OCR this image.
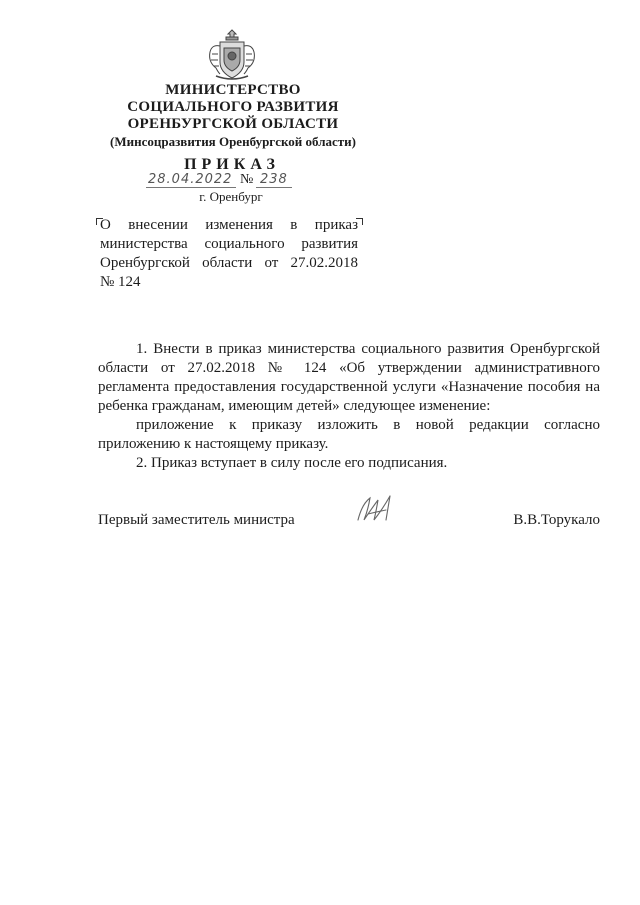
МИНИСТЕРСТВО
СОЦИАЛЬНОГО РАЗВИТИЯ
ОРЕНБУРГСКОЙ ОБЛАСТИ
(Минсоцразвития Оренбургской области)
ПРИКАЗ
28.04.2022 № 238
г. Оренбург
О внесении изменения в приказ
министерства социального развития
Оренбургской области от 27.02.2018
№ 124

1. Внести в приказ министерства социального развития Оренбургской области от 27.02.2018 № 124 «Об утверждении административного регламента предоставления государственной услуги «Назначение пособия на ребенка гражданам, имеющим детей» следующее изменение:

приложение к приказу изложить в новой редакции согласно приложению к настоящему приказу.

2. Приказ вступает в силу после его подписания.

Первый заместитель министра	В.В.Торукало
